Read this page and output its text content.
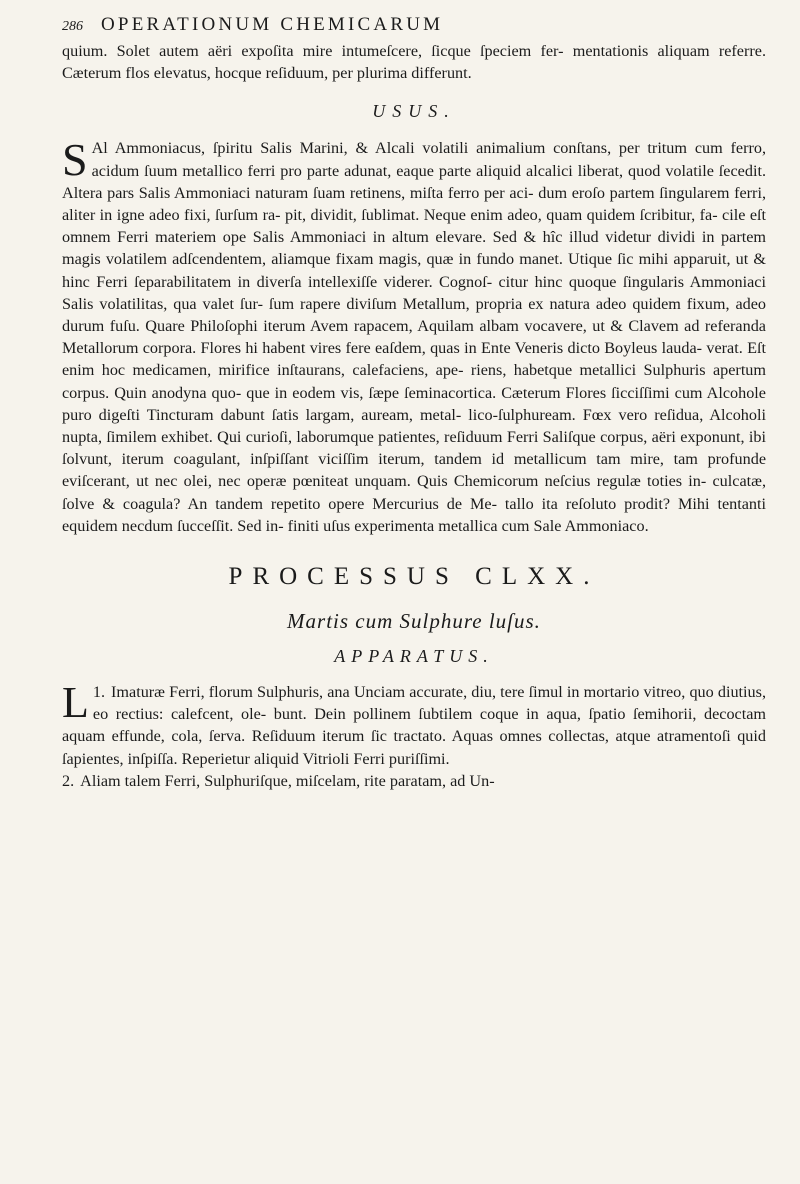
286 OPERATIONUM CHEMICARUM

quium. Solet autem aëri expoſita mire intumeſcere, ſicque ſpeciem fer- mentationis aliquam referre. Cæterum flos elevatus, hocque reſiduum, per plurima differunt.

USUS.

S Al Ammoniacus, ſpiritu Salis Marini, & Alcali volatili animalium conſtans, per tritum cum ferro, acidum ſuum metallico ferri pro parte adunat, eaque parte aliquid alcalici liberat, quod volatile ſecedit. Altera pars Salis Ammoniaci naturam ſuam retinens, miſta ferro per aci- dum eroſo partem ſingularem ferri, aliter in igne adeo fixi, ſurſum ra- pit, dividit, ſublimat. Neque enim adeo, quam quidem ſcribitur, fa- cile eſt omnem Ferri materiem ope Salis Ammoniaci in altum elevare. Sed & hîc illud videtur dividi in partem magis volatilem adſcendentem, aliamque fixam magis, quæ in fundo manet. Utique ſic mihi apparuit, ut & hinc Ferri ſeparabilitatem in diverſa intellexiſſe viderer. Cognoſ- citur hinc quoque ſingularis Ammoniaci Salis volatilitas, qua valet ſur- ſum rapere diviſum Metallum, propria ex natura adeo quidem fixum, adeo durum fuſu. Quare Philoſophi iterum Avem rapacem, Aquilam albam vocavere, ut & Clavem ad referanda Metallorum corpora. Flores hi habent vires fere eaſdem, quas in Ente Veneris dicto Boyleus lauda- verat. Eſt enim hoc medicamen, mirifice inſtaurans, calefaciens, ape- riens, habetque metallici Sulphuris apertum corpus. Quin anodyna quo- que in eodem vis, ſæpe ſeminacortica. Cæterum Flores ſicciſſimi cum Alcohole puro digeſti Tincturam dabunt ſatis largam, auream, metal- lico-ſulphuream. Fœx vero reſidua, Alcoholi nupta, ſimilem exhibet. Qui curioſi, laborumque patientes, reſiduum Ferri Saliſque corpus, aëri exponunt, ibi ſolvunt, iterum coagulant, inſpiſſant viciſſim iterum, tandem id metallicum tam mire, tam profunde eviſcerant, ut nec olei, nec operæ pœniteat unquam. Quis Chemicorum neſcius regulæ toties in- culcatæ, ſolve & coagula? An tandem repetito opere Mercurius de Me- tallo ita reſoluto prodit? Mihi tentanti equidem necdum ſucceſſit. Sed in- finiti uſus experimenta metallica cum Sale Ammoniaco.

PROCESSUS CLXX.
Martis cum Sulphure luſus.
APPARATUS.

1.
L Imaturæ Ferri, florum Sulphuris, ana Unciam accurate, diu, tere ſimul in mortario vitreo, quo diutius, eo rectius: calefcent, ole- bunt. Dein pollinem ſubtilem coque in aqua, ſpatio ſemihorii, decoctam aquam effunde, cola, ſerva. Reſiduum iterum ſic tractato. Aquas omnes collectas, atque atramentoſi quid ſapientes, inſpiſſa. Reperietur aliquid Vitrioli Ferri puriſſimi.

2. Aliam talem Ferri, Sulphuriſque, miſcelam, rite paratam, ad Un-
